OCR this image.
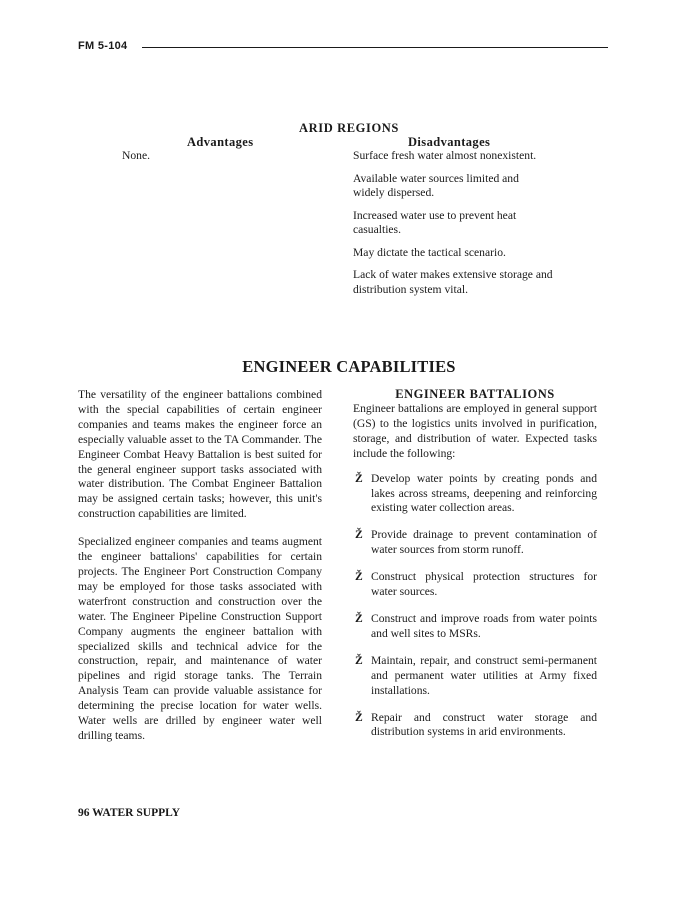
FM 5-104
ARID REGIONS
Advantages	Disadvantages
None.	Surface fresh water almost nonexistent.
Available water sources limited and widely dispersed.
Increased water use to prevent heat casualties.
May dictate the tactical scenario.
Lack of water makes extensive storage and distribution system vital.
ENGINEER CAPABILITIES

The versatility of the engineer battalions combined with the special capabilities of certain engineer companies and teams makes the engineer force an especially valuable asset to the TA Commander. The Engineer Combat Heavy Battalion is best suited for the general engineer support tasks associated with water distribution. The Combat Engineer Battalion may be assigned certain tasks; however, this unit's construction capabilities are limited.

Specialized engineer companies and teams augment the engineer battalions' capabilities for certain projects. The Engineer Port Construction Company may be employed for those tasks associated with waterfront construction and construction over the water. The Engineer Pipeline Construction Support Company augments the engineer battalion with specialized skills and technical advice for the construction, repair, and maintenance of water pipelines and rigid storage tanks. The Terrain Analysis Team can provide valuable assistance for determining the precise location for water wells. Water wells are drilled by engineer water well drilling teams.

ENGINEER BATTALIONS

Engineer battalions are employed in general support (GS) to the logistics units involved in purification, storage, and distribution of water. Expected tasks include the following:

Ž Develop water points by creating ponds and lakes across streams, deepening and reinforcing existing water collection areas.
Ž Provide drainage to prevent contamination of water sources from storm runoff.
Ž Construct physical protection structures for water sources.
Ž Construct and improve roads from water points and well sites to MSRs.
Ž Maintain, repair, and construct semi-permanent and permanent water utilities at Army fixed installations.
Ž Repair and construct water storage and distribution systems in arid environments.
96 WATER SUPPLY
